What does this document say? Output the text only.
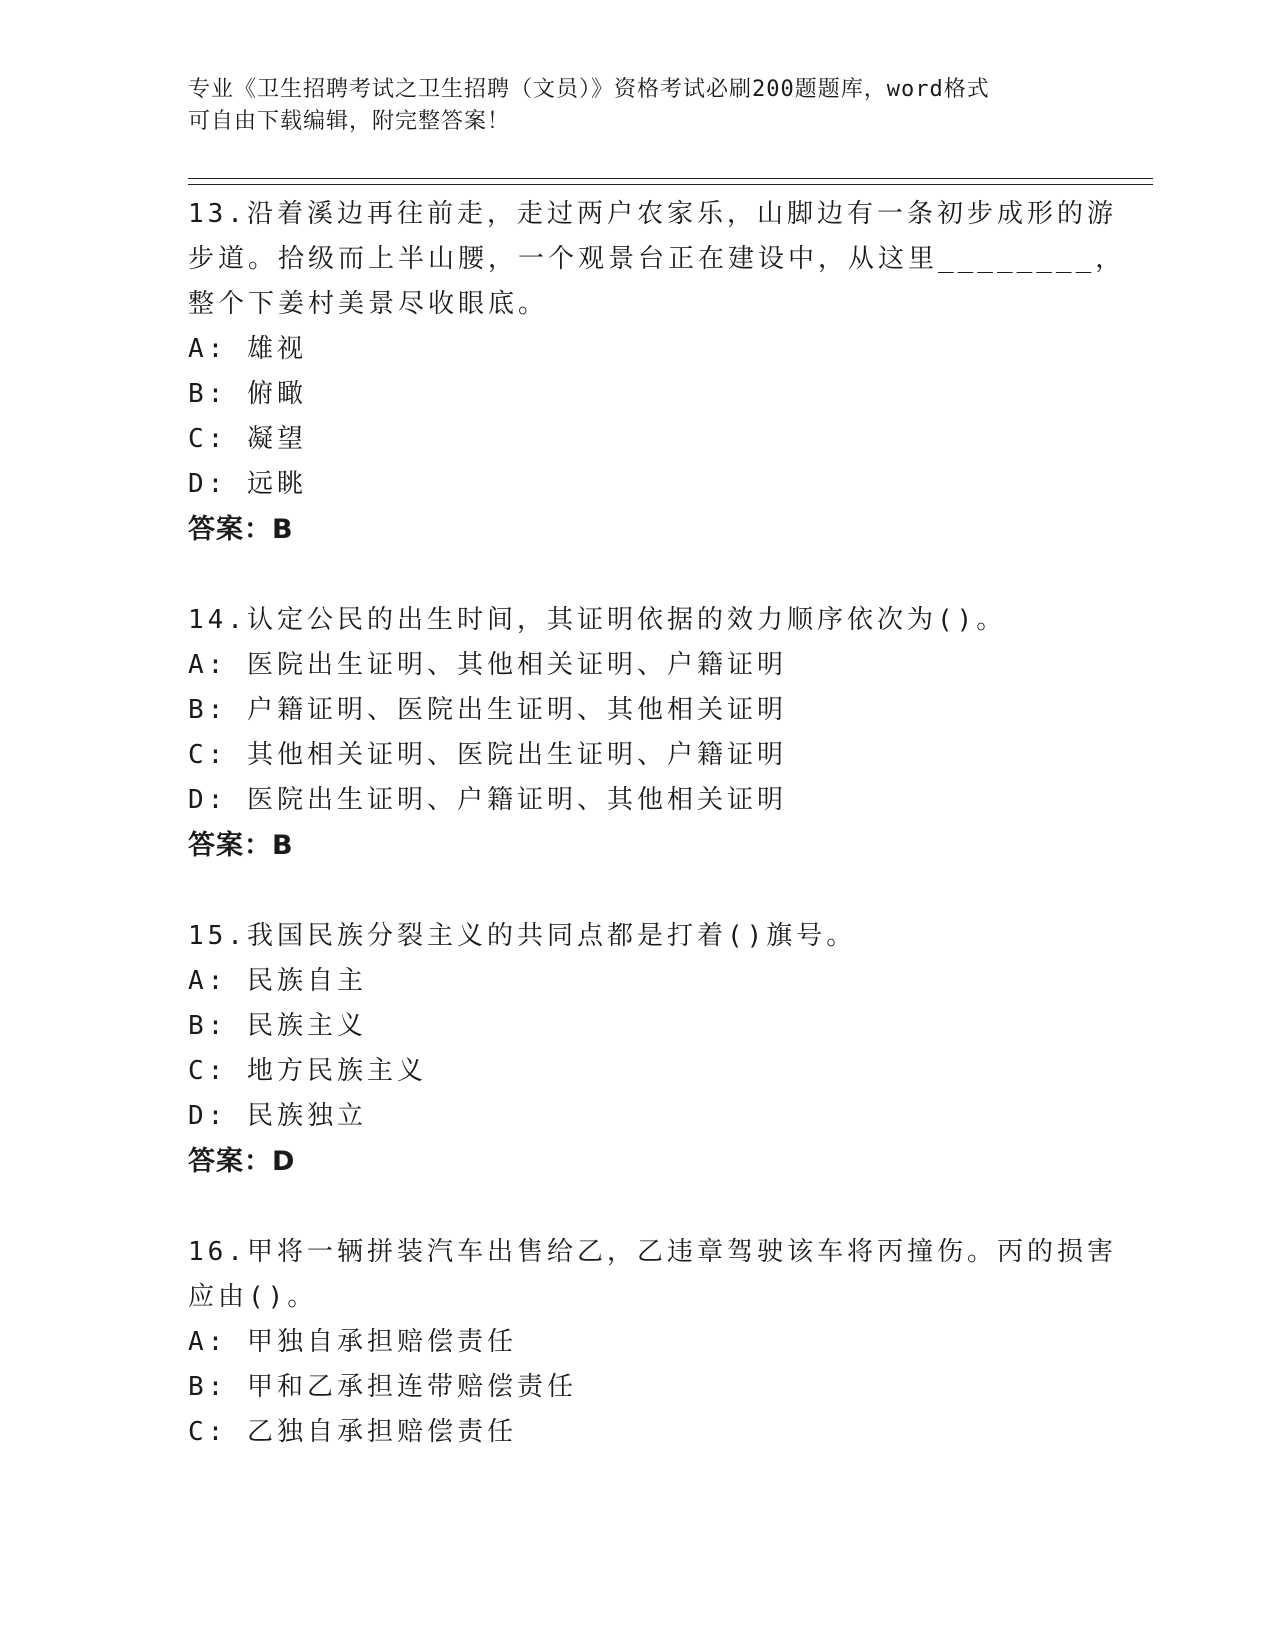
专业《卫生招聘考试之卫生招聘（文员）》资格考试必刷200题题库，word格式
可自由下载编辑，附完整答案！
13.沿着溪边再往前走，走过两户农家乐，山脚边有一条初步成形的游
步道。拾级而上半山腰，一个观景台正在建设中，从这里________，
整个下姜村美景尽收眼底。
A: 雄视
B: 俯瞰
C: 凝望
D: 远眺
答案：B
14.认定公民的出生时间，其证明依据的效力顺序依次为()。
A: 医院出生证明、其他相关证明、户籍证明
B: 户籍证明、医院出生证明、其他相关证明
C: 其他相关证明、医院出生证明、户籍证明
D: 医院出生证明、户籍证明、其他相关证明
答案：B
15.我国民族分裂主义的共同点都是打着()旗号。
A: 民族自主
B: 民族主义
C: 地方民族主义
D: 民族独立
答案：D
16.甲将一辆拼装汽车出售给乙，乙违章驾驶该车将丙撞伤。丙的损害
应由()。
A: 甲独自承担赔偿责任
B: 甲和乙承担连带赔偿责任
C: 乙独自承担赔偿责任
